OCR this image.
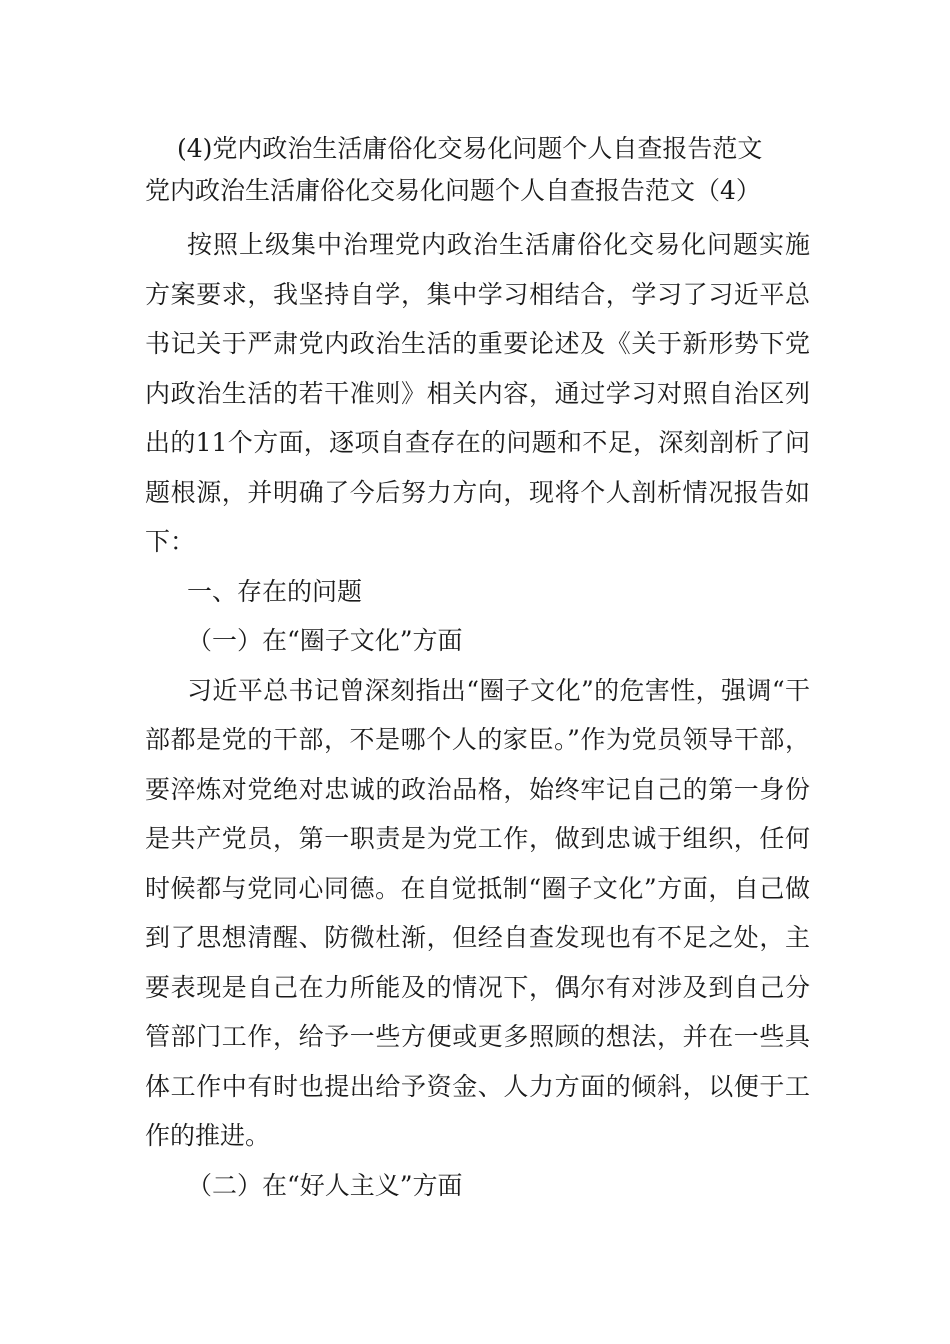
(4)党内政治生活庸俗化交易化问题个人自查报告范文

党内政治生活庸俗化交易化问题个人自查报告范文（4）

按照上级集中治理党内政治生活庸俗化交易化问题实施方案要求，我坚持自学，集中学习相结合，学习了习近平总书记关于严肃党内政治生活的重要论述及《关于新形势下党内政治生活的若干准则》相关内容，通过学习对照自治区列出的11个方面，逐项自查存在的问题和不足，深刻剖析了问题根源，并明确了今后努力方向，现将个人剖析情况报告如下：

一、存在的问题

（一）在“圈子文化”方面

习近平总书记曾深刻指出“圈子文化”的危害性，强调“干部都是党的干部，不是哪个人的家臣。”作为党员领导干部，要淬炼对党绝对忠诚的政治品格，始终牢记自己的第一身份是共产党员，第一职责是为党工作，做到忠诚于组织，任何时候都与党同心同德。在自觉抵制“圈子文化”方面，自己做到了思想清醒、防微杜渐，但经自查发现也有不足之处，主要表现是自己在力所能及的情况下，偶尔有对涉及到自己分管部门工作，给予一些方便或更多照顾的想法，并在一些具体工作中有时也提出给予资金、人力方面的倾斜，以便于工作的推进。

（二）在“好人主义”方面
